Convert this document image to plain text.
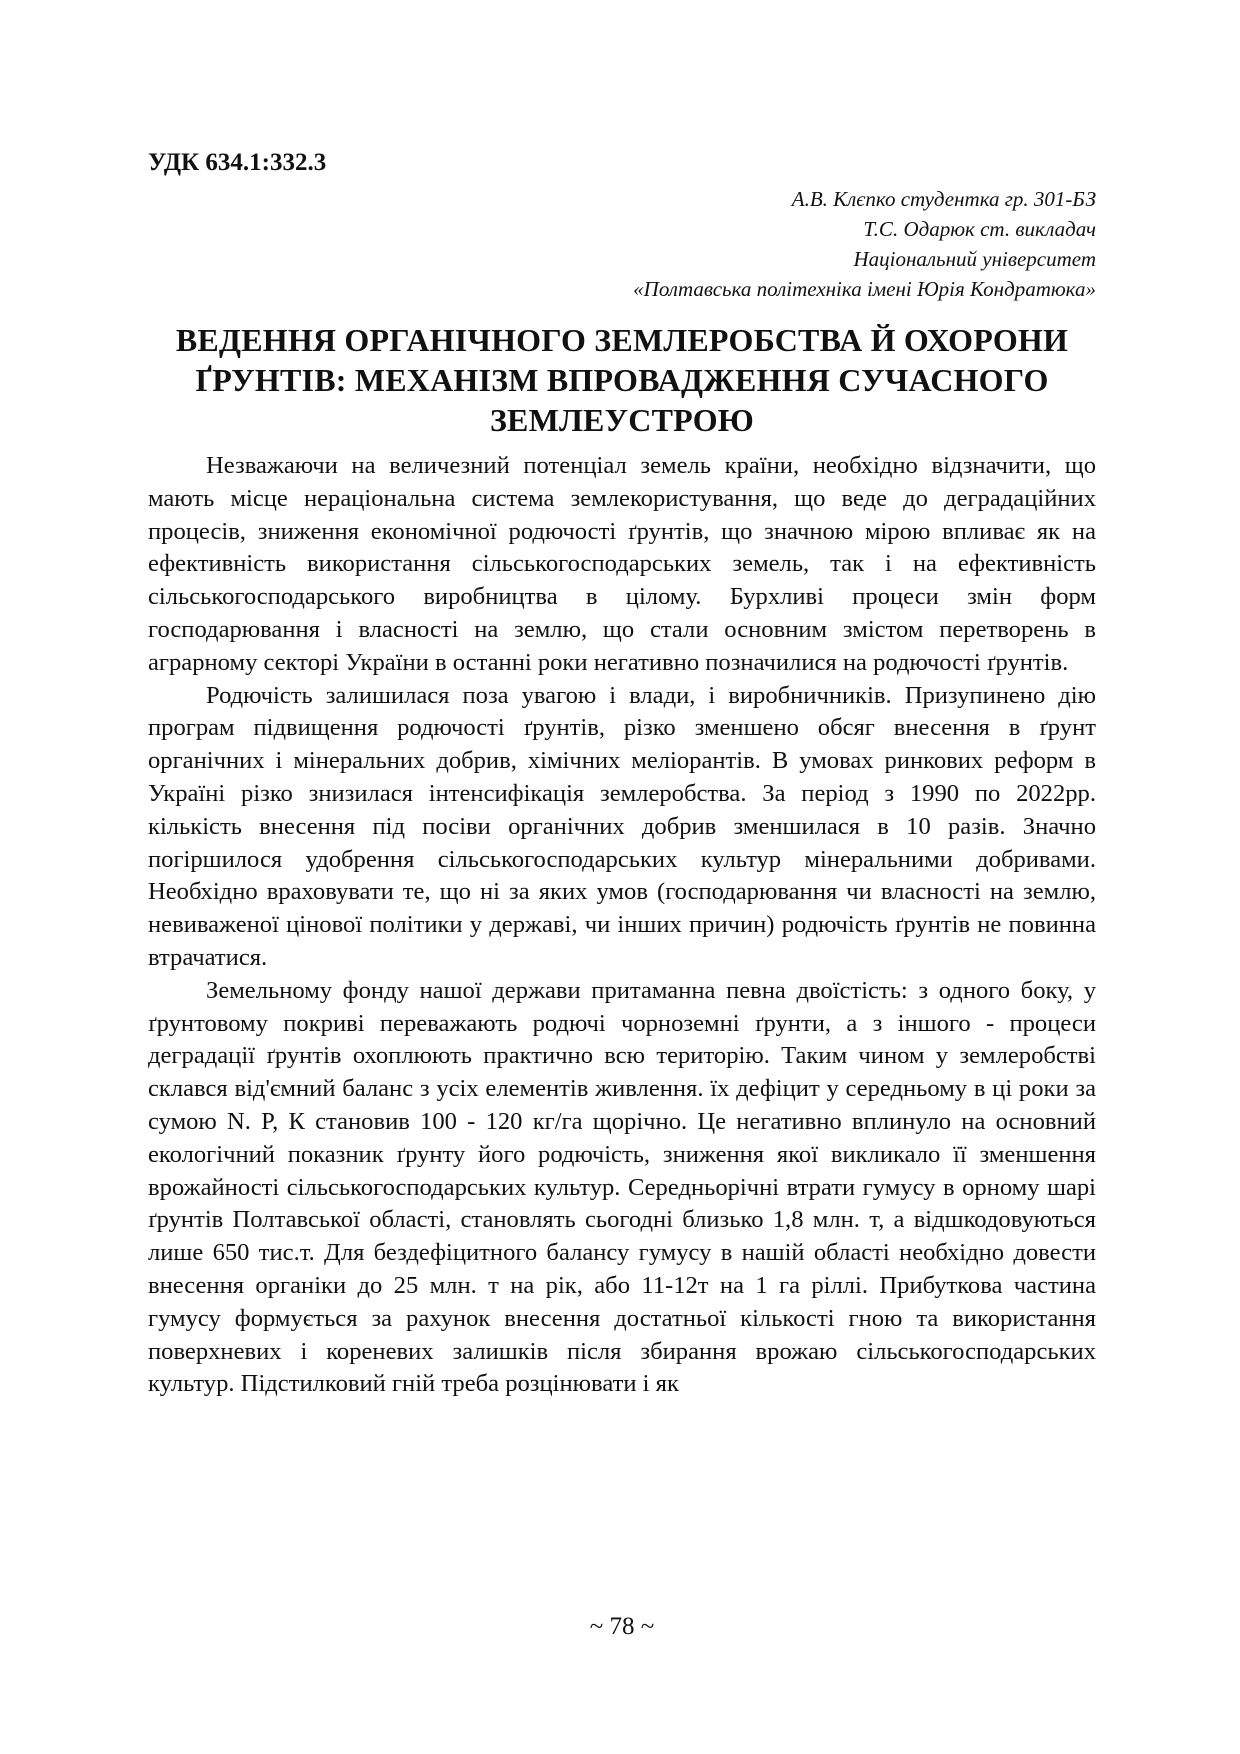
УДК 634.1:332.3
А.В. Клєпко студентка гр. 301-БЗ
Т.С. Одарюк ст. викладач
Національний університет
«Полтавська політехніка імені Юрія Кондратюка»
ВЕДЕННЯ ОРГАНІЧНОГО ЗЕМЛЕРОБСТВА Й ОХОРОНИ ҐРУНТІВ: МЕХАНІЗМ ВПРОВАДЖЕННЯ СУЧАСНОГО ЗЕМЛЕУСТРОЮ

Незважаючи на величезний потенціал земель країни, необхідно відзначити, що мають місце нераціональна система землекористування, що веде до деградаційних процесів, зниження економічної родючості ґрунтів, що значною мірою впливає як на ефективність використання сільськогосподарських земель, так і на ефективність сільськогосподарського виробництва в цілому. Бурхливі процеси змін форм господарювання і власності на землю, що стали основним змістом перетворень в аграрному секторі України в останні роки негативно позначилися на родючості ґрунтів.

Родючість залишилася поза увагою і влади, і виробничників. Призупинено дію програм підвищення родючості ґрунтів, різко зменшено обсяг внесення в ґрунт органічних і мінеральних добрив, хімічних меліорантів. В умовах ринкових реформ в Україні різко знизилася інтенсифікація землеробства. За період з 1990 по 2022рр. кількість внесення під посіви органічних добрив зменшилася в 10 разів. Значно погіршилося удобрення сільськогосподарських культур мінеральними добривами. Необхідно враховувати те, що ні за яких умов (господарювання чи власності на землю, невиваженої цінової політики у державі, чи інших причин) родючість ґрунтів не повинна втрачатися.

Земельному фонду нашої держави притаманна певна двоїстість: з одного боку, у ґрунтовому покриві переважають родючі чорноземні ґрунти, а з іншого - процеси деградації ґрунтів охоплюють практично всю територію. Таким чином у землеробстві склався від'ємний баланс з усіх елементів живлення. їх дефіцит у середньому в ці роки за сумою N. P, К становив 100 - 120 кг/га щорічно. Це негативно вплинуло на основний екологічний показник ґрунту його родючість, зниження якої викликало її зменшення врожайності сільськогосподарських культур. Середньорічні втрати гумусу в орному шарі ґрунтів Полтавської області, становлять сьогодні близько 1,8 млн. т, а відшкодовуються лише 650 тис.т. Для бездефіцитного балансу гумусу в нашій області необхідно довести внесення органіки до 25 млн. т на рік, або 11-12т на 1 га ріллі. Прибуткова частина гумусу формується за рахунок внесення достатньої кількості гною та використання поверхневих і кореневих залишків після збирання врожаю сільськогосподарських культур. Підстилковий гній треба розцінювати і як

~ 78 ~
